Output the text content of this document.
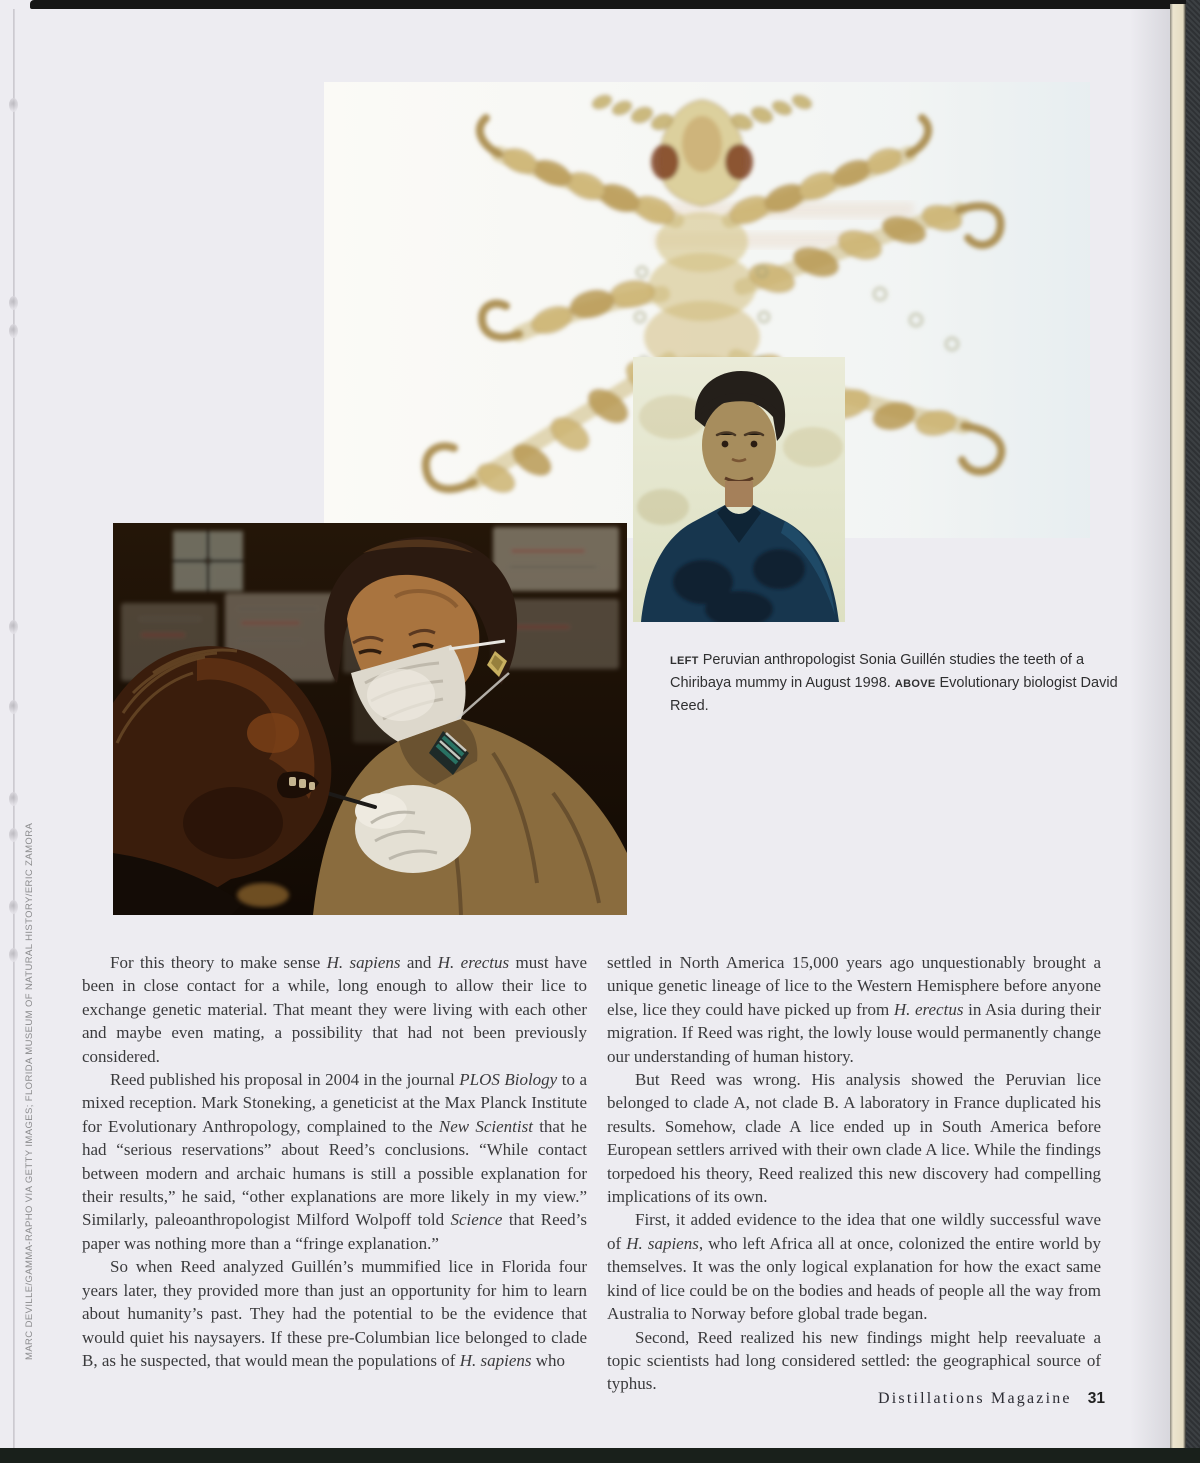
LEFT Peruvian anthropologist Sonia Guillén studies the teeth of a Chiribaya mummy in August 1998. ABOVE Evolutionary biologist David Reed.

For this theory to make sense H. sapiens and H. erectus must have been in close contact for a while, long enough to allow their lice to exchange genetic material. That meant they were living with each other and maybe even mating, a possibility that had not been previously considered.

Reed published his proposal in 2004 in the journal PLOS Biology to a mixed reception. Mark Stoneking, a geneticist at the Max Planck Institute for Evolutionary Anthropology, complained to the New Scientist that he had “serious reservations” about Reed’s conclusions. “While contact between modern and archaic humans is still a possible explanation for their results,” he said, “other explanations are more likely in my view.” Similarly, paleoanthropologist Milford Wolpoff told Science that Reed’s paper was nothing more than a “fringe explanation.”

So when Reed analyzed Guillén’s mummified lice in Florida four years later, they provided more than just an opportunity for him to learn about humanity’s past. They had the potential to be the evidence that would quiet his naysayers. If these pre-Columbian lice belonged to clade B, as he suspected, that would mean the populations of H. sapiens who

settled in North America 15,000 years ago unquestionably brought a unique genetic lineage of lice to the Western Hemisphere before anyone else, lice they could have picked up from H. erectus in Asia during their migration. If Reed was right, the lowly louse would permanently change our understanding of human history.

But Reed was wrong. His analysis showed the Peruvian lice belonged to clade A, not clade B. A laboratory in France duplicated his results. Somehow, clade A lice ended up in South America before European settlers arrived with their own clade A lice. While the findings torpedoed his theory, Reed realized this new discovery had compelling implications of its own.

First, it added evidence to the idea that one wildly successful wave of H. sapiens, who left Africa all at once, colonized the entire world by themselves. It was the only logical explanation for how the exact same kind of lice could be on the bodies and heads of people all the way from Australia to Norway before global trade began.

Second, Reed realized his new findings might help reevaluate a topic scientists had long considered settled: the geographical source of typhus.

MARC DEVILLE/GAMMA-RAPHO VIA GETTY IMAGES; FLORIDA MUSEUM OF NATURAL HISTORY/ERIC ZAMORA
Distillations Magazine 31
